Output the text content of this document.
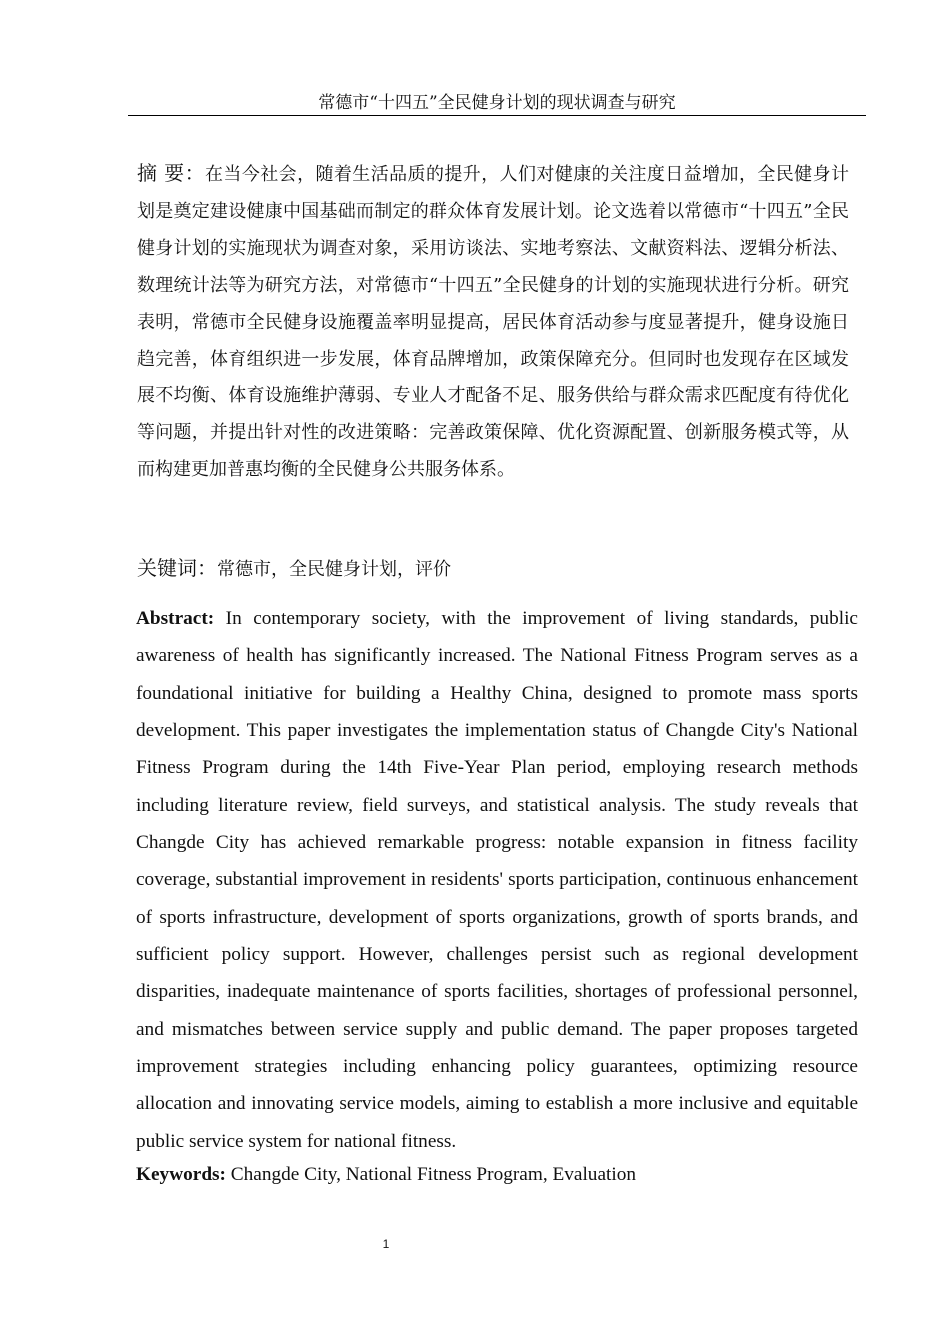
常德市“十四五”全民健身计划的现状调查与研究
摘 要：在当今社会，随着生活品质的提升，人们对健康的关注度日益增加，全民健身计划是奠定建设健康中国基础而制定的群众体育发展计划。论文选着以常德市“十四五”全民健身计划的实施现状为调查对象，采用访谈法、实地考察法、文献资料法、逻辑分析法、数理统计法等为研究方法，对常德市“十四五”全民健身的计划的实施现状进行分析。研究表明，常德市全民健身设施覆盖率明显提高，居民体育活动参与度显著提升，健身设施日趋完善，体育组织进一步发展，体育品牌增加，政策保障充分。但同时也发现存在区域发展不均衡、体育设施维护薄弱、专业人才配备不足、服务供给与群众需求匹配度有待优化等问题，并提出针对性的改进策略：完善政策保障、优化资源配置、创新服务模式等，从而构建更加普惠均衡的全民健身公共服务体系。
关键词：常德市，全民健身计划，评价
Abstract: In contemporary society, with the improvement of living standards, public awareness of health has significantly increased. The National Fitness Program serves as a foundational initiative for building a Healthy China, designed to promote mass sports development. This paper investigates the implementation status of Changde City's National Fitness Program during the 14th Five-Year Plan period, employing research methods including literature review, field surveys, and statistical analysis. The study reveals that Changde City has achieved remarkable progress: notable expansion in fitness facility coverage, substantial improvement in residents' sports participation, continuous enhancement of sports infrastructure, development of sports organizations, growth of sports brands, and sufficient policy support. However, challenges persist such as regional development disparities, inadequate maintenance of sports facilities, shortages of professional personnel, and mismatches between service supply and public demand. The paper proposes targeted improvement strategies including enhancing policy guarantees, optimizing resource allocation and innovating service models, aiming to establish a more inclusive and equitable public service system for national fitness.
Keywords: Changde City, National Fitness Program, Evaluation
1
